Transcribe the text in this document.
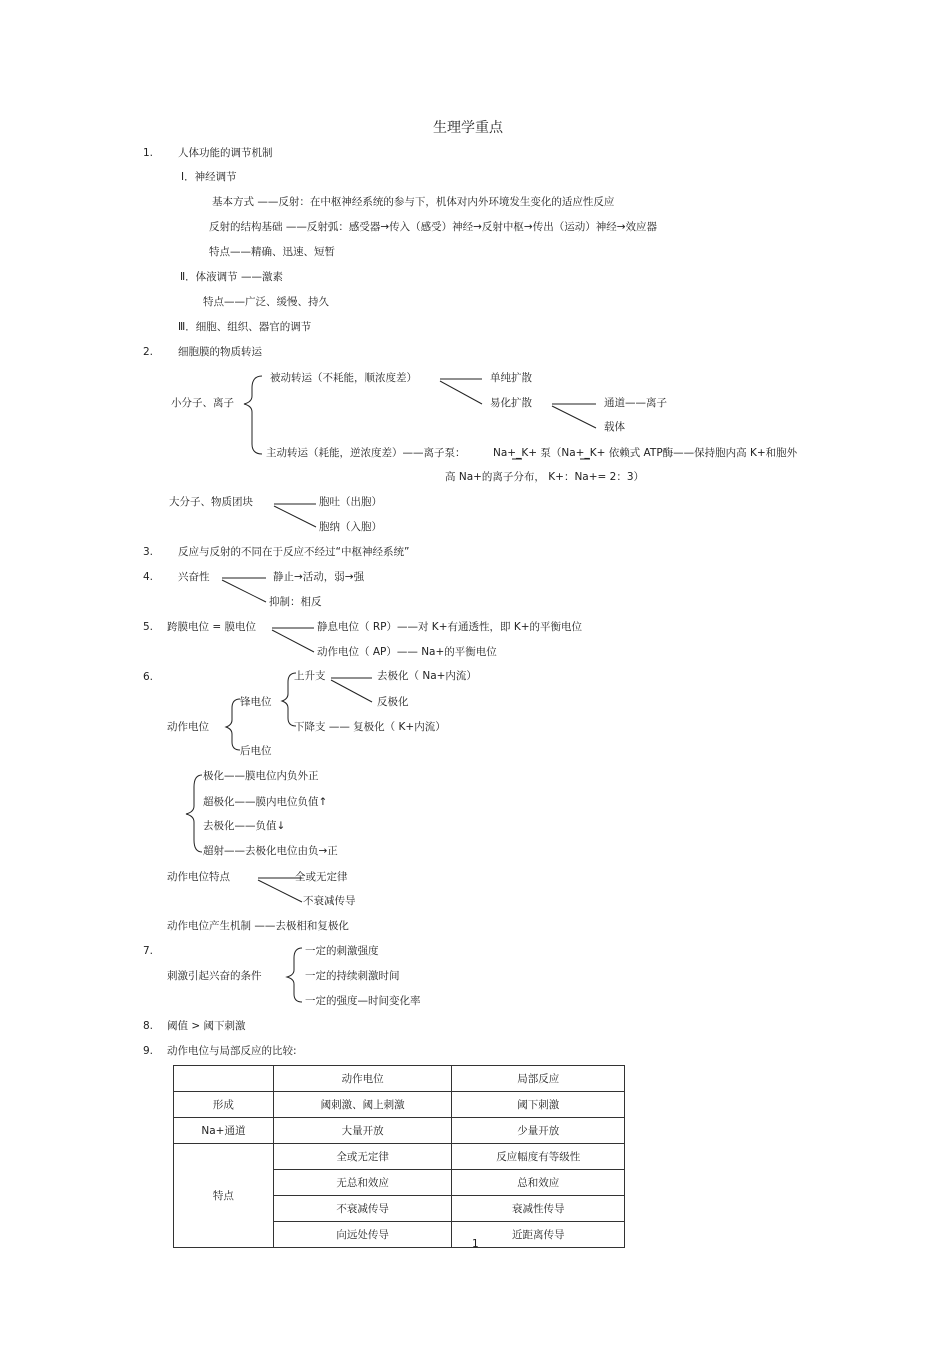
生理学重点
1. 人体功能的调节机制
Ⅰ．神经调节
基本方式 ——反射：在中枢神经系统的参与下，机体对内外环境发生变化的适应性反应
反射的结构基础 ——反射弧：感受器→传入（感受）神经→反射中枢→传出（运动）神经→效应器
特点——精确、迅速、短暂
Ⅱ．体液调节 ——激素
特点——广泛、缓慢、持久
Ⅲ．细胞、组织、器官的调节
2. 细胞膜的物质转运
小分子、离子
被动转运（不耗能，顺浓度差）	单纯扩散
易化扩散	通道——离子
载体
主动转运（耗能，逆浓度差）——离子泵：	Na+_K+ 泵（Na+_K+ 依赖式 ATP酶——保持胞内高 K+和胞外
高 Na+的离子分布， K+：Na+= 2：3）
大分子、物质团块	胞吐（出胞）
胞纳（入胞）
3. 反应与反射的不同在于反应不经过“中枢神经系统”
4. 兴奋性	静止→活动，弱→强
抑制：相反
5. 跨膜电位 = 膜电位	静息电位（ RP）——对 K+有通透性，即 K+的平衡电位
动作电位（ AP）—— Na+的平衡电位
6.
动作电位
锋电位
后电位
上升支
下降支 —— 复极化（ K+内流）
去极化（ Na+内流）
反极化
极化——膜电位内负外正
超极化——膜内电位负值↑
去极化——负值↓
超射——去极化电位由负→正
动作电位特点	全或无定律
不衰减传导
动作电位产生机制 ——去极相和复极化
7.
刺激引起兴奋的条件
一定的刺激强度
一定的持续刺激时间
一定的强度—时间变化率
8. 阈值 > 阈下刺激
9. 动作电位与局部反应的比较:
	动作电位	局部反应
形成	阈刺激、阈上刺激	阈下刺激
Na+通道	大量开放	少量开放
特点	全或无定律	反应幅度有等级性
	无总和效应	总和效应
	不衰减传导	衰减性传导
	向远处传导	近距离传导
1
